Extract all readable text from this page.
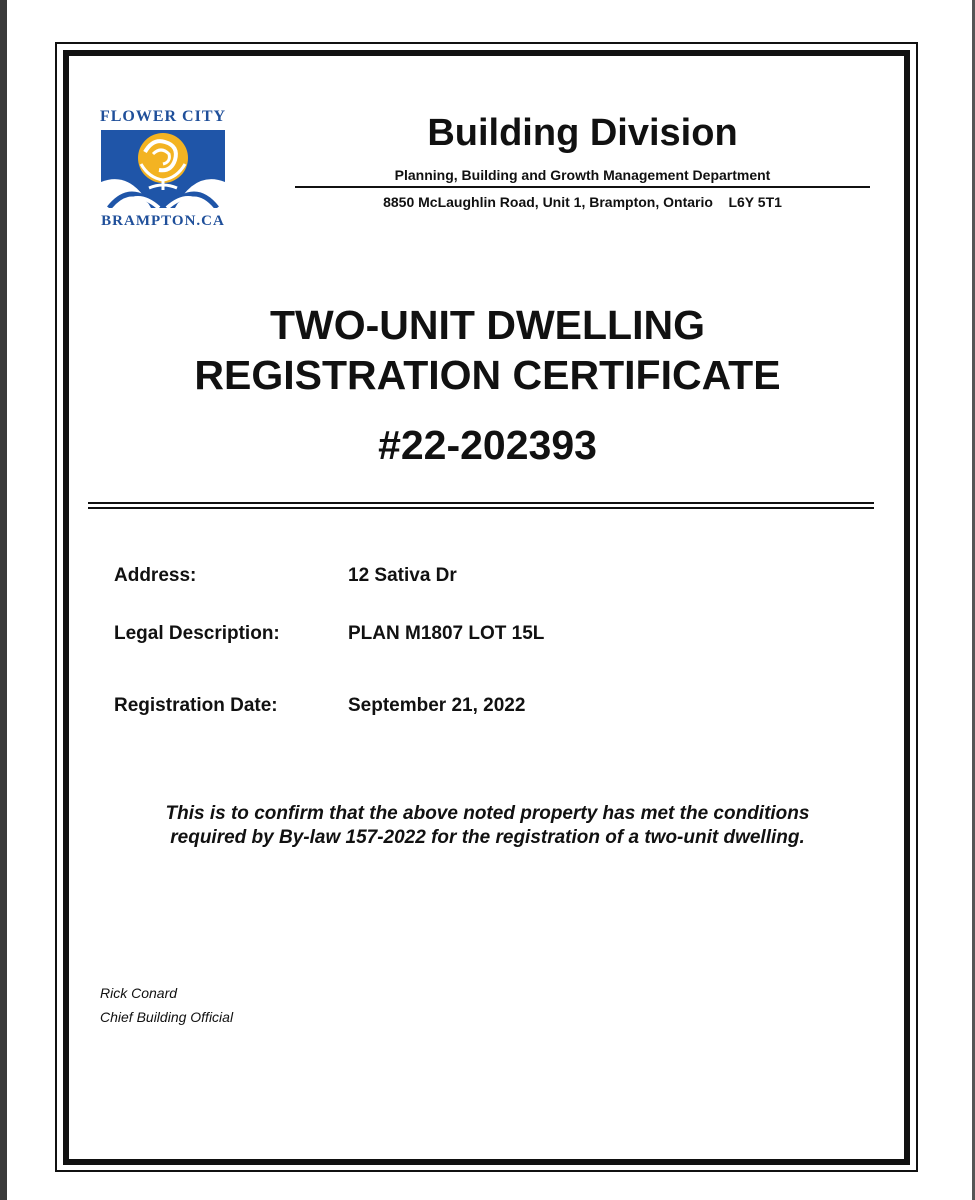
FLOWER CITY
BRAMPTON.CA
Building Division
Planning, Building and Growth Management Department
8850 McLaughlin Road, Unit 1, Brampton, Ontario    L6Y 5T1
TWO-UNIT DWELLING
REGISTRATION CERTIFICATE
#22-202393
Address:	12 Sativa Dr
Legal Description:	PLAN M1807 LOT 15L
Registration Date:	September 21, 2022
This is to confirm that the above noted property has met the conditions
required by By-law 157-2022 for the registration of a two-unit dwelling.
Rick Conard
Chief Building Official
